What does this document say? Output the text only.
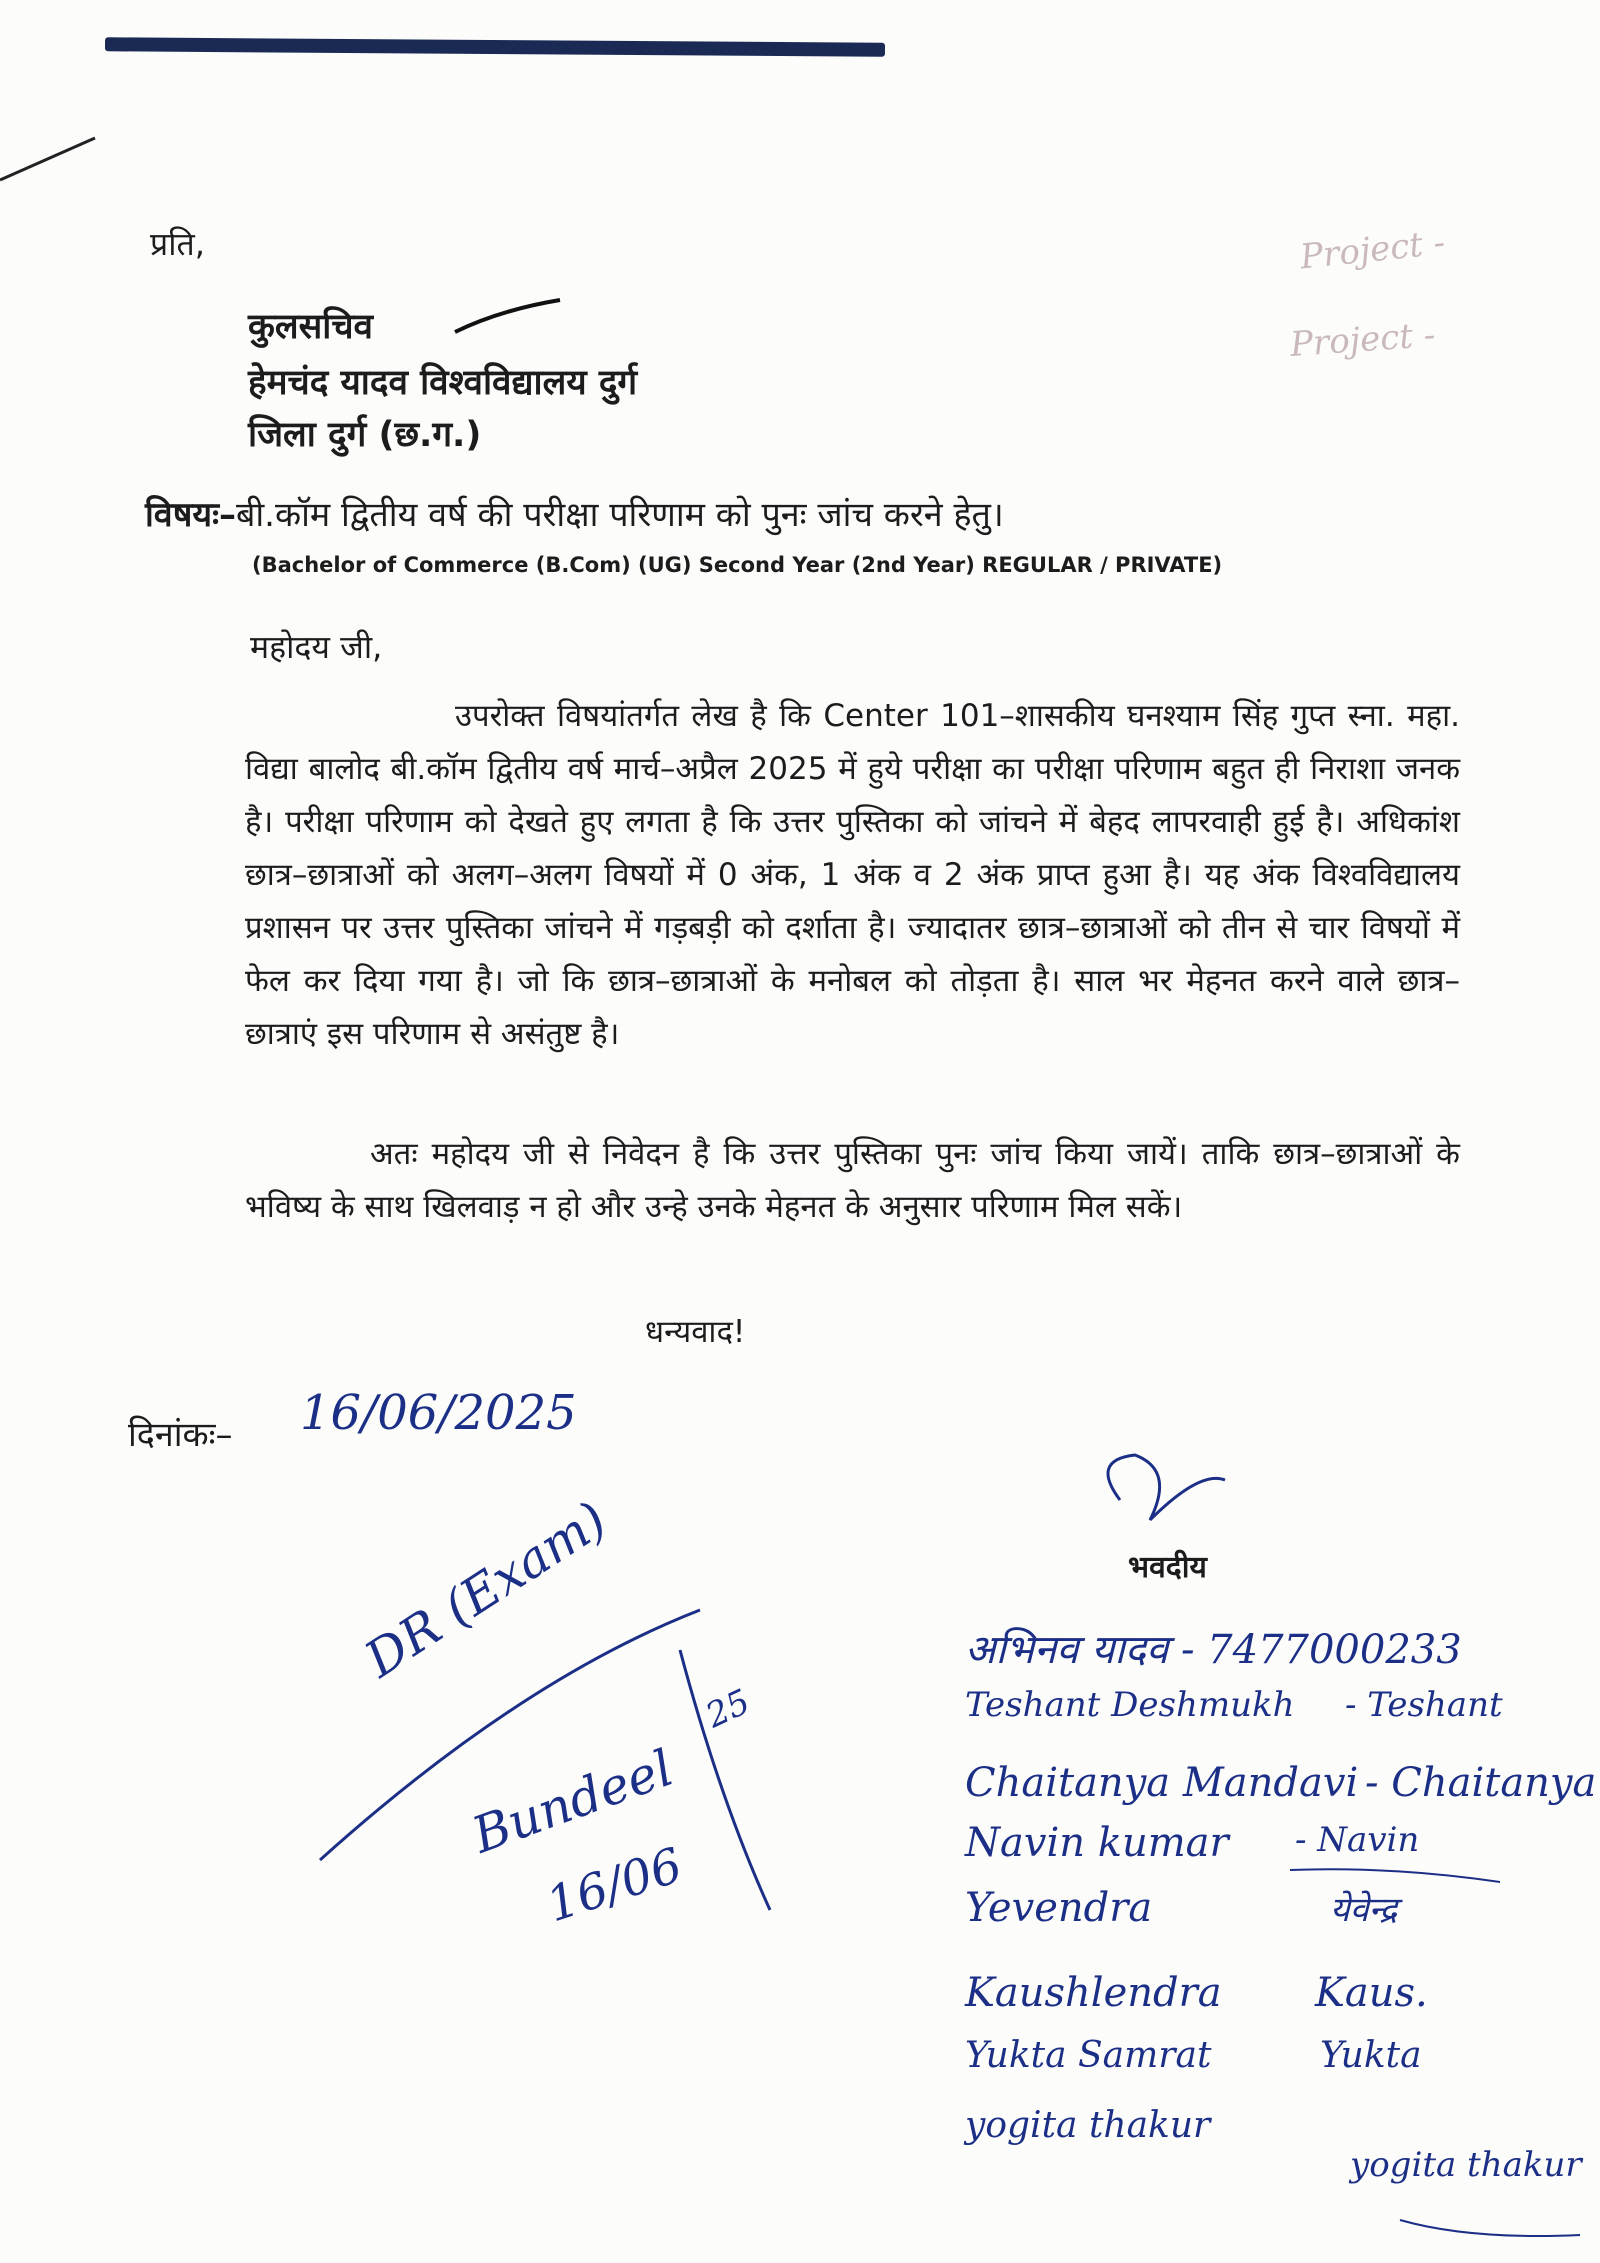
Project -
Project -
प्रति,
कुलसचिव
हेमचंद यादव विश्वविद्यालय दुर्ग
जिला दुर्ग (छ.ग.)
विषयः–बी.कॉम द्वितीय वर्ष की परीक्षा परिणाम को पुनः जांच करने हेतु।
(Bachelor of Commerce (B.Com) (UG) Second Year (2nd Year) REGULAR / PRIVATE)
महोदय जी,
उपरोक्त विषयांतर्गत लेख है कि Center 101–शासकीय घनश्याम सिंह गुप्त स्ना. महा. विद्या बालोद बी.कॉम द्वितीय वर्ष मार्च–अप्रैल 2025 में हुये परीक्षा का परीक्षा परिणाम बहुत ही निराशा जनक है। परीक्षा परिणाम को देखते हुए लगता है कि उत्तर पुस्तिका को जांचने में बेहद लापरवाही हुई है। अधिकांश छात्र–छात्राओं को अलग–अलग विषयों में 0 अंक, 1 अंक व 2 अंक प्राप्त हुआ है। यह अंक विश्वविद्यालय प्रशासन पर उत्तर पुस्तिका जांचने में गड़बड़ी को दर्शाता है। ज्यादातर छात्र–छात्राओं को तीन से चार विषयों में फेल कर दिया गया है। जो कि छात्र–छात्राओं के मनोबल को तोड़ता है। साल भर मेहनत करने वाले छात्र–छात्राएं इस परिणाम से असंतुष्ट है।
अतः महोदय जी से निवेदन है कि उत्तर पुस्तिका पुनः जांच किया जायें। ताकि छात्र–छात्राओं के भविष्य के साथ खिलवाड़ न हो और उन्हे उनके मेहनत के अनुसार परिणाम मिल सकें।
धन्यवाद!
दिनांकः– 16/06/2025
भवदीय
अभिनव यादव - 7477000233
Teshant Deshmukh - Teshant
Chaitanya Mandavi - Chaitanya
Navin kumar - Navin
Yevendra	येवेन्द्र
Kaushlendra Kaus.
Yukta Samrat	Yukta
yogita thakur
yogita thakur
DR (Exam)
Bundeel
16/06
25
